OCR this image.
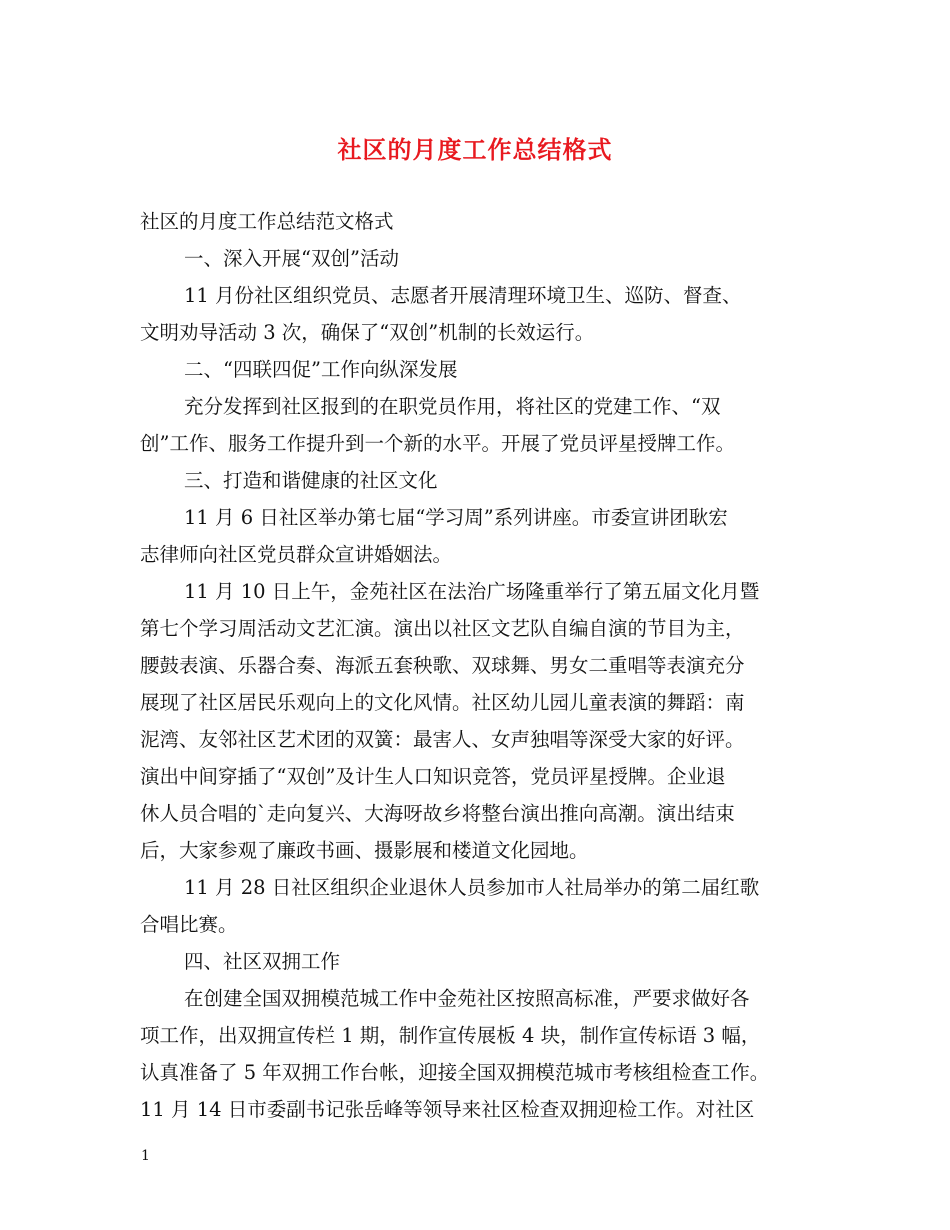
社区的月度工作总结格式
社区的月度工作总结范文格式
一、深入开展“双创”活动
11 月份社区组织党员、志愿者开展清理环境卫生、巡防、督查、
文明劝导活动 3 次，确保了“双创”机制的长效运行。
二、“四联四促”工作向纵深发展
充分发挥到社区报到的在职党员作用，将社区的党建工作、“双
创”工作、服务工作提升到一个新的水平。开展了党员评星授牌工作。
三、打造和谐健康的社区文化
11 月 6 日社区举办第七届“学习周”系列讲座。市委宣讲团耿宏
志律师向社区党员群众宣讲婚姻法。
11 月 10 日上午，金苑社区在法治广场隆重举行了第五届文化月暨
第七个学习周活动文艺汇演。演出以社区文艺队自编自演的节目为主，
腰鼓表演、乐器合奏、海派五套秧歌、双球舞、男女二重唱等表演充分
展现了社区居民乐观向上的文化风情。社区幼儿园儿童表演的舞蹈：南
泥湾、友邻社区艺术团的双簧：最害人、女声独唱等深受大家的好评。
演出中间穿插了“双创”及计生人口知识竞答，党员评星授牌。企业退
休人员合唱的`走向复兴、大海呀故乡将整台演出推向高潮。演出结束
后，大家参观了廉政书画、摄影展和楼道文化园地。
11 月 28 日社区组织企业退休人员参加市人社局举办的第二届红歌
合唱比赛。
四、社区双拥工作
在创建全国双拥模范城工作中金苑社区按照高标准，严要求做好各
项工作，出双拥宣传栏 1 期，制作宣传展板 4 块，制作宣传标语 3 幅，
认真准备了 5 年双拥工作台帐，迎接全国双拥模范城市考核组检查工作。
11 月 14 日市委副书记张岳峰等领导来社区检查双拥迎检工作。对社区
1
